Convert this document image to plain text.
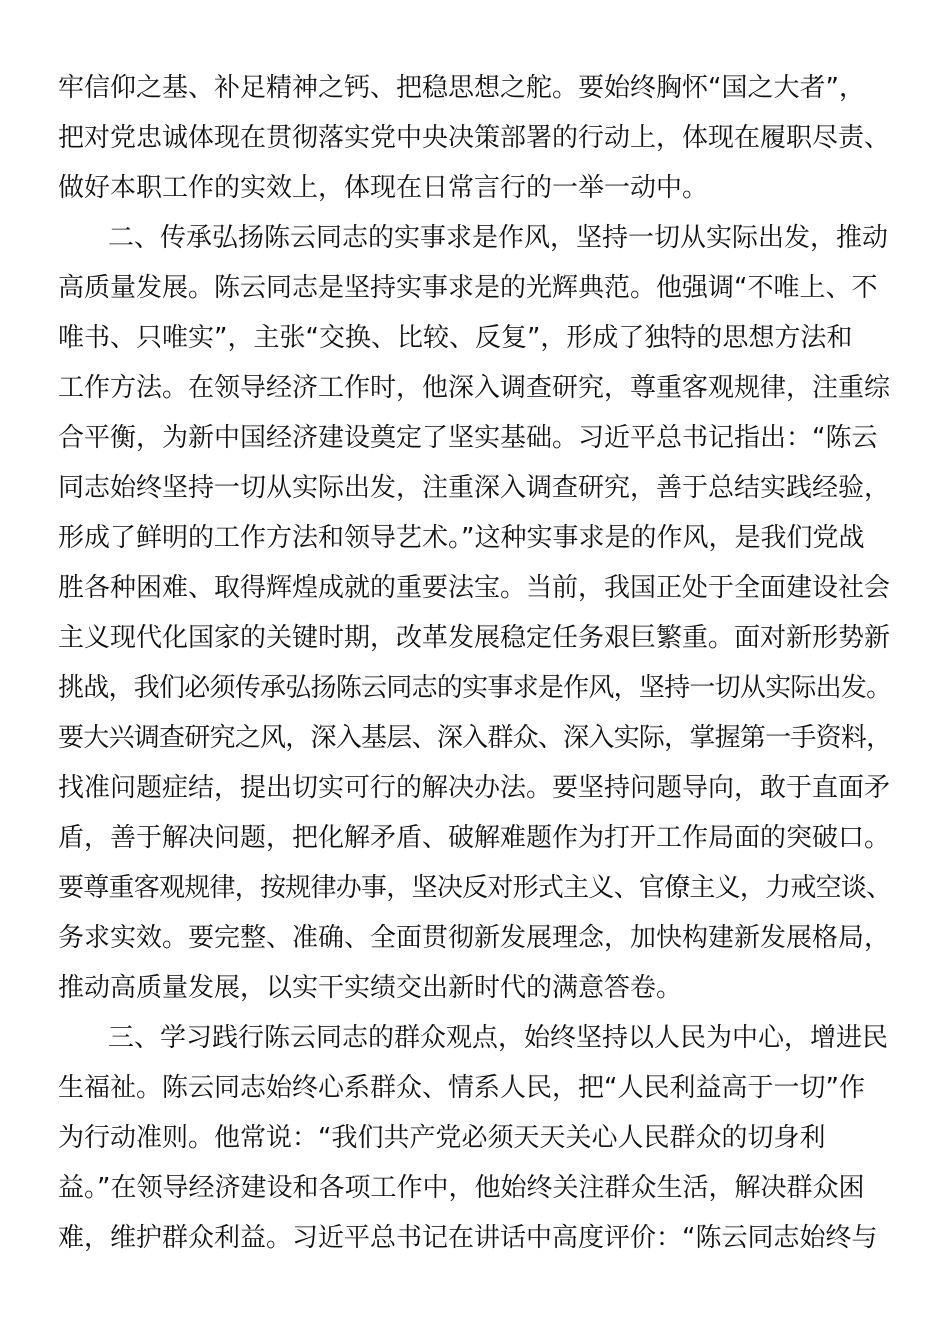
牢信仰之基、补足精神之钙、把稳思想之舵。要始终胸怀“国之大者”，
把对党忠诚体现在贯彻落实党中央决策部署的行动上，体现在履职尽责、
做好本职工作的实效上，体现在日常言行的一举一动中。
二、传承弘扬陈云同志的实事求是作风，坚持一切从实际出发，推动
高质量发展。陈云同志是坚持实事求是的光辉典范。他强调“不唯上、不
唯书、只唯实”，主张“交换、比较、反复”，形成了独特的思想方法和
工作方法。在领导经济工作时，他深入调查研究，尊重客观规律，注重综
合平衡，为新中国经济建设奠定了坚实基础。习近平总书记指出：“陈云
同志始终坚持一切从实际出发，注重深入调查研究，善于总结实践经验，
形成了鲜明的工作方法和领导艺术。”这种实事求是的作风，是我们党战
胜各种困难、取得辉煌成就的重要法宝。当前，我国正处于全面建设社会
主义现代化国家的关键时期，改革发展稳定任务艰巨繁重。面对新形势新
挑战，我们必须传承弘扬陈云同志的实事求是作风，坚持一切从实际出发。
要大兴调查研究之风，深入基层、深入群众、深入实际，掌握第一手资料，
找准问题症结，提出切实可行的解决办法。要坚持问题导向，敢于直面矛
盾，善于解决问题，把化解矛盾、破解难题作为打开工作局面的突破口。
要尊重客观规律，按规律办事，坚决反对形式主义、官僚主义，力戒空谈、
务求实效。要完整、准确、全面贯彻新发展理念，加快构建新发展格局，
推动高质量发展，以实干实绩交出新时代的满意答卷。
三、学习践行陈云同志的群众观点，始终坚持以人民为中心，增进民
生福祉。陈云同志始终心系群众、情系人民，把“人民利益高于一切”作
为行动准则。他常说：“我们共产党必须天天关心人民群众的切身利
益。”在领导经济建设和各项工作中，他始终关注群众生活，解决群众困
难，维护群众利益。习近平总书记在讲话中高度评价：“陈云同志始终与
